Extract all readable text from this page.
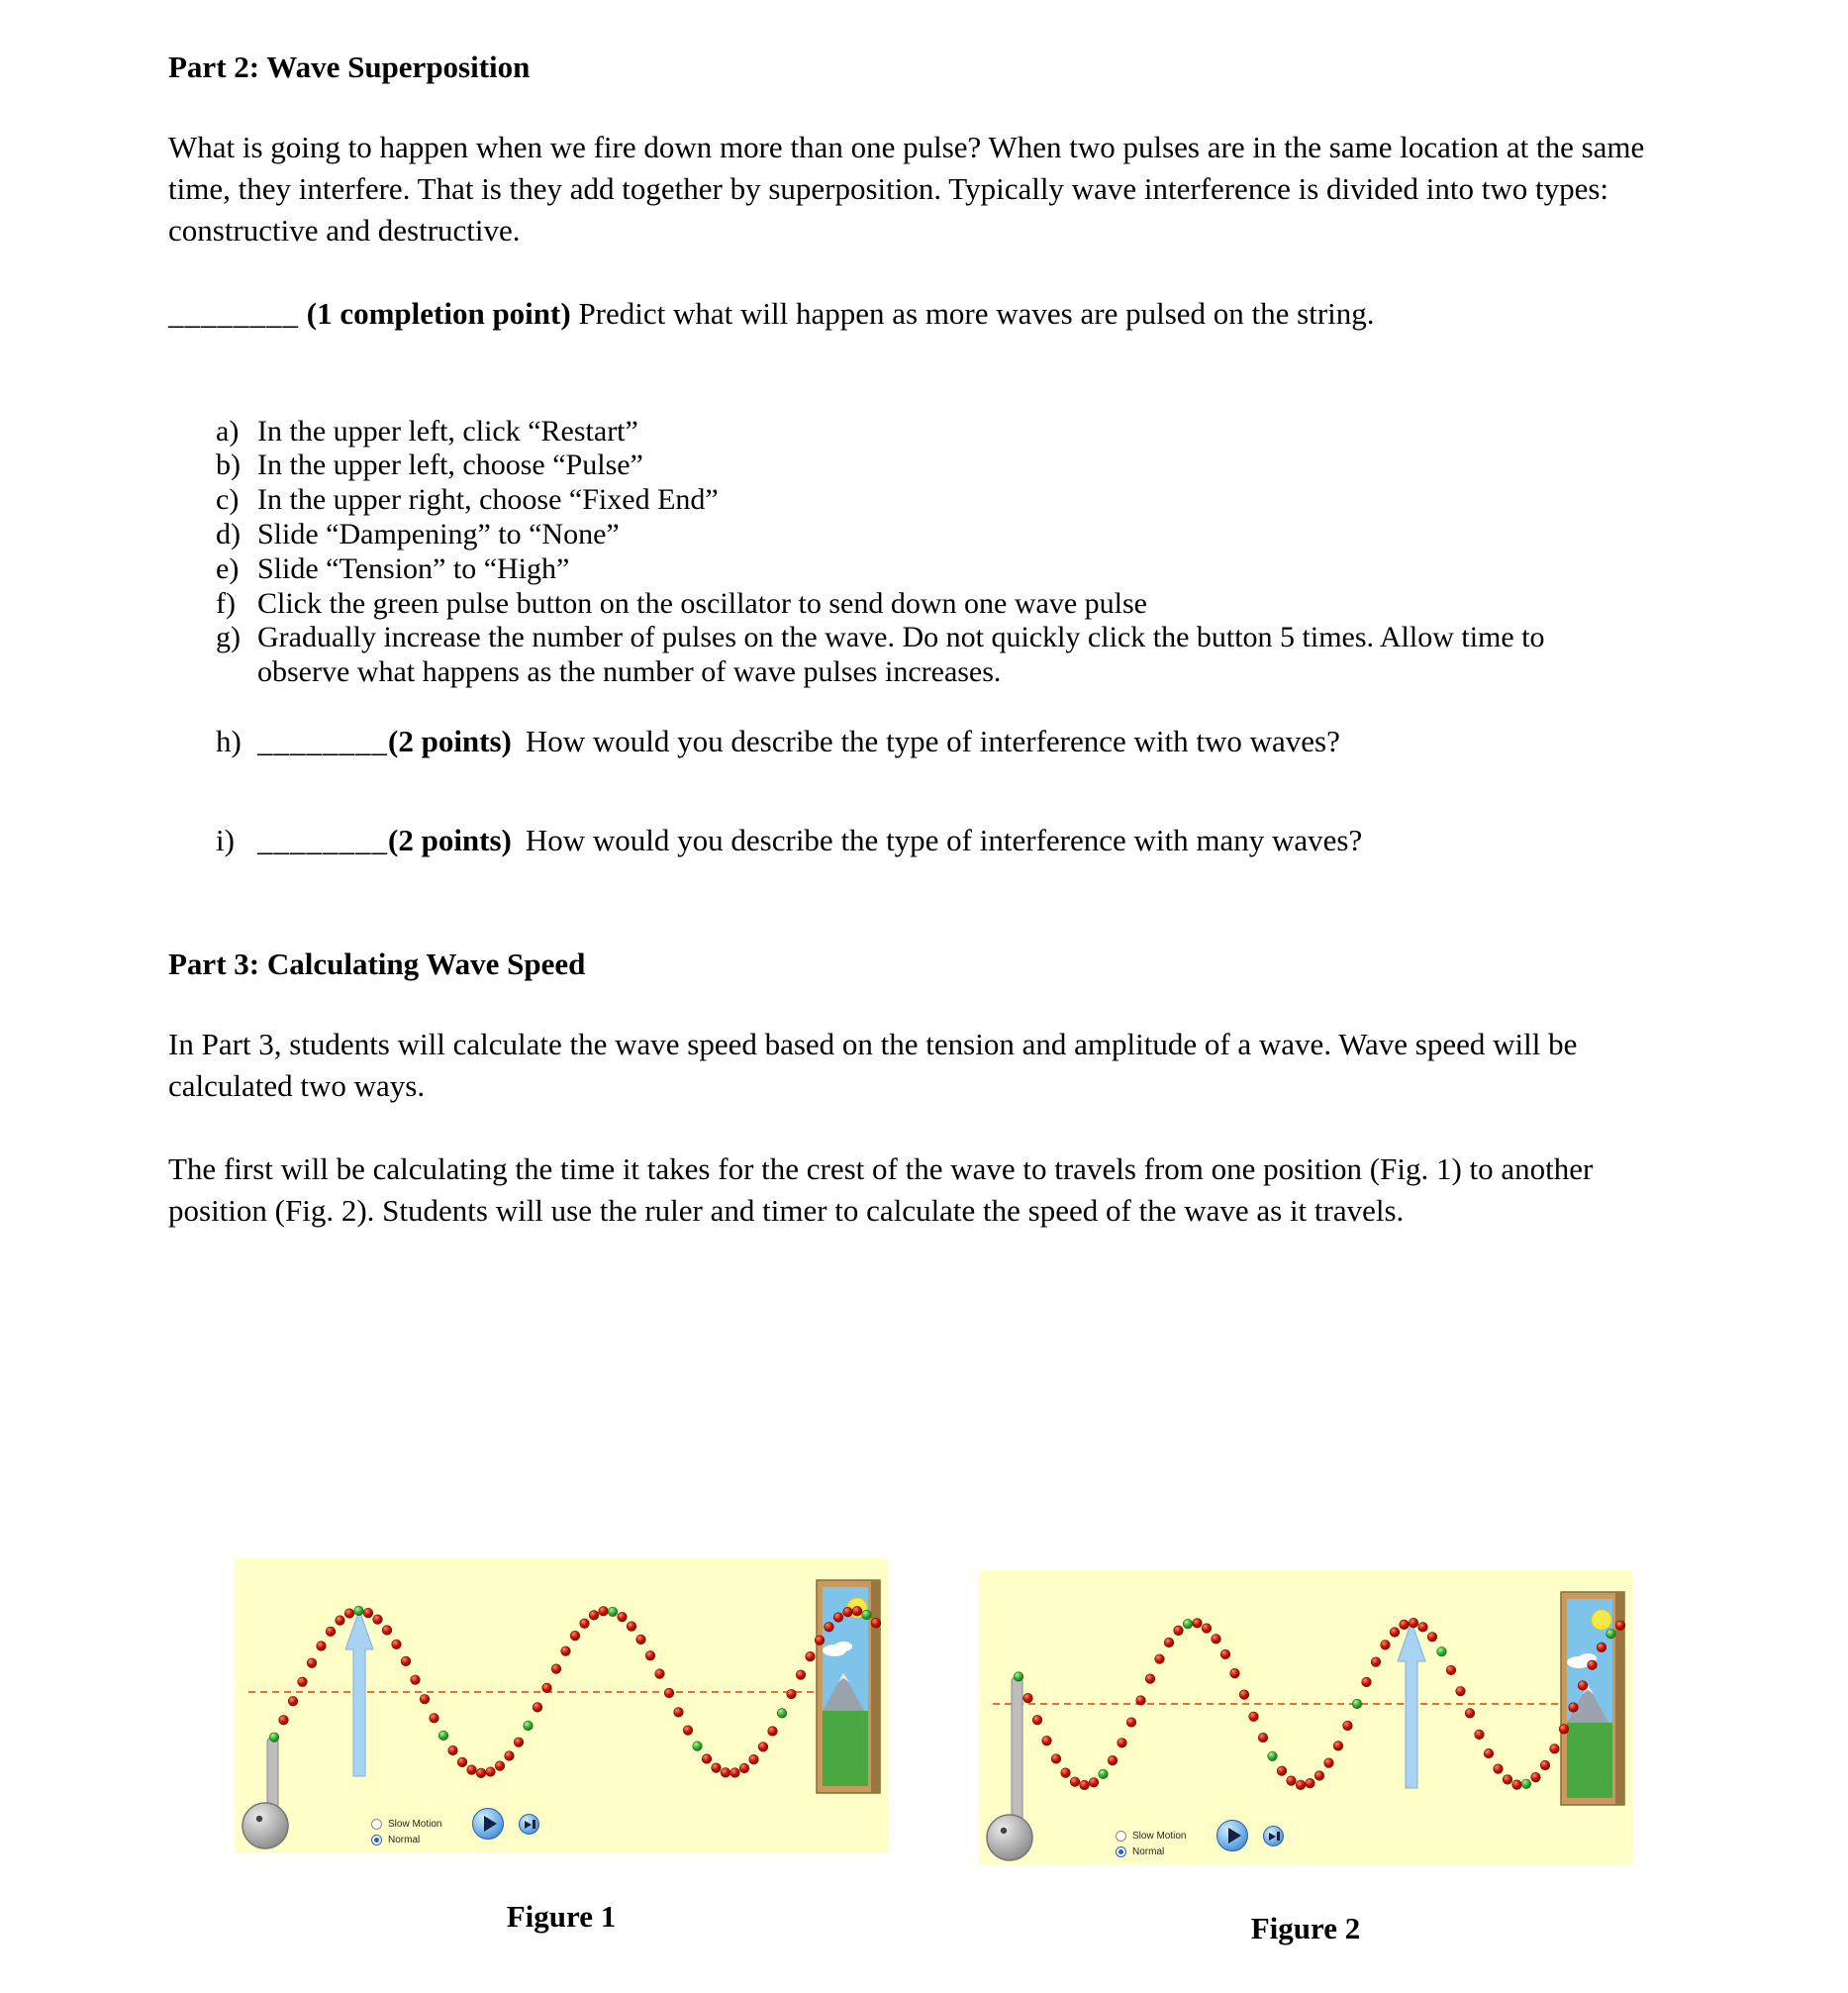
Part 2: Wave Superposition

What is going to happen when we fire down more than one pulse? When two pulses are in the same location at the same time, they interfere. That is they add together by superposition. Typically wave interference is divided into two types: constructive and destructive.

________ (1 completion point) Predict what will happen as more waves are pulsed on the string.

a) In the upper left, click “Restart”
b) In the upper left, choose “Pulse”
c) In the upper right, choose “Fixed End”
d) Slide “Dampening” to “None”
e) Slide “Tension” to “High”
f) Click the green pulse button on the oscillator to send down one wave pulse
g) Gradually increase the number of pulses on the wave. Do not quickly click the button 5 times. Allow time to observe what happens as the number of wave pulses increases.
h) ________(2 points) How would you describe the type of interference with two waves?
i) ________(2 points) How would you describe the type of interference with many waves?
Part 3: Calculating Wave Speed

In Part 3, students will calculate the wave speed based on the tension and amplitude of a wave. Wave speed will be calculated two ways.

The first will be calculating the time it takes for the crest of the wave to travels from one position (Fig. 1) to another position (Fig. 2). Students will use the ruler and timer to calculate the speed of the wave as it travels.

Slow Motion
Normal
Figure 1
Slow Motion
Normal
Figure 2
